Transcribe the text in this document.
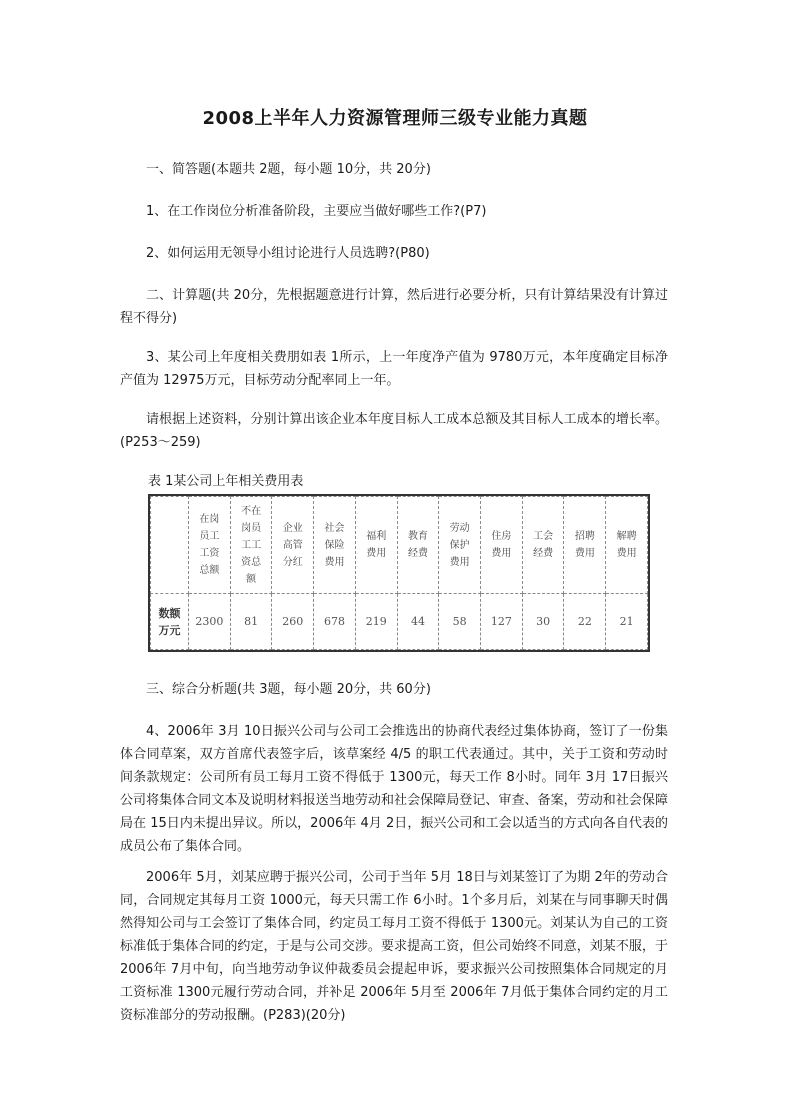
2008上半年人力资源管理师三级专业能力真题
一、简答题(本题共 2题，每小题 10分，共 20分)
1、在工作岗位分析准备阶段，主要应当做好哪些工作?(P7)
2、如何运用无领导小组讨论进行人员选聘?(P80)
二、计算题(共 20分，先根据题意进行计算，然后进行必要分析，只有计算结果没有计算过程不得分)
3、某公司上年度相关费朋如表 1所示，上一年度净产值为 9780万元，本年度确定目标净产值为 12975万元，目标劳动分配率同上一年。
请根据上述资料，分别计算出该企业本年度目标人工成本总额及其目标人工成本的增长率。(P253～259)
表 1某公司上年相关费用表
	在岗员工工资总额	不在岗员工工资总额	企业高管分红	社会保险费用	福利费用	教育经费	劳动保护费用	住房费用	工会经费	招聘费用	解聘费用
数额万元	2300	81	260	678	219	44	58	127	30	22	21
三、综合分析题(共 3题，每小题 20分，共 60分)
4、2006年 3月 10日振兴公司与公司工会推选出的协商代表经过集体协商，签订了一份集体合同草案，双方首席代表签字后，该草案经 4/5 的职工代表通过。其中，关于工资和劳动时间条款规定：公司所有员工每月工资不得低于 1300元，每天工作 8小时。同年 3月 17日振兴公司将集体合同文本及说明材料报送当地劳动和社会保障局登记、审查、备案，劳动和社会保障局在 15日内未提出异议。所以，2006年 4月 2日，振兴公司和工会以适当的方式向各自代表的成员公布了集体合同。
2006年 5月，刘某应聘于振兴公司，公司于当年 5月 18日与刘某签订了为期 2年的劳动合同，合同规定其每月工资 1000元，每天只需工作 6小时。1个多月后，刘某在与同事聊天时偶然得知公司与工会签订了集体合同，约定员工每月工资不得低于 1300元。刘某认为自己的工资标准低于集体合同的约定，于是与公司交涉。要求提高工资，但公司始终不同意，刘某不服，于 2006年 7月中旬，向当地劳动争议仲裁委员会提起申诉，要求振兴公司按照集体合同规定的月工资标准 1300元履行劳动合同，并补足 2006年 5月至 2006年 7月低于集体合同约定的月工资标准部分的劳动报酬。(P283)(20分)
